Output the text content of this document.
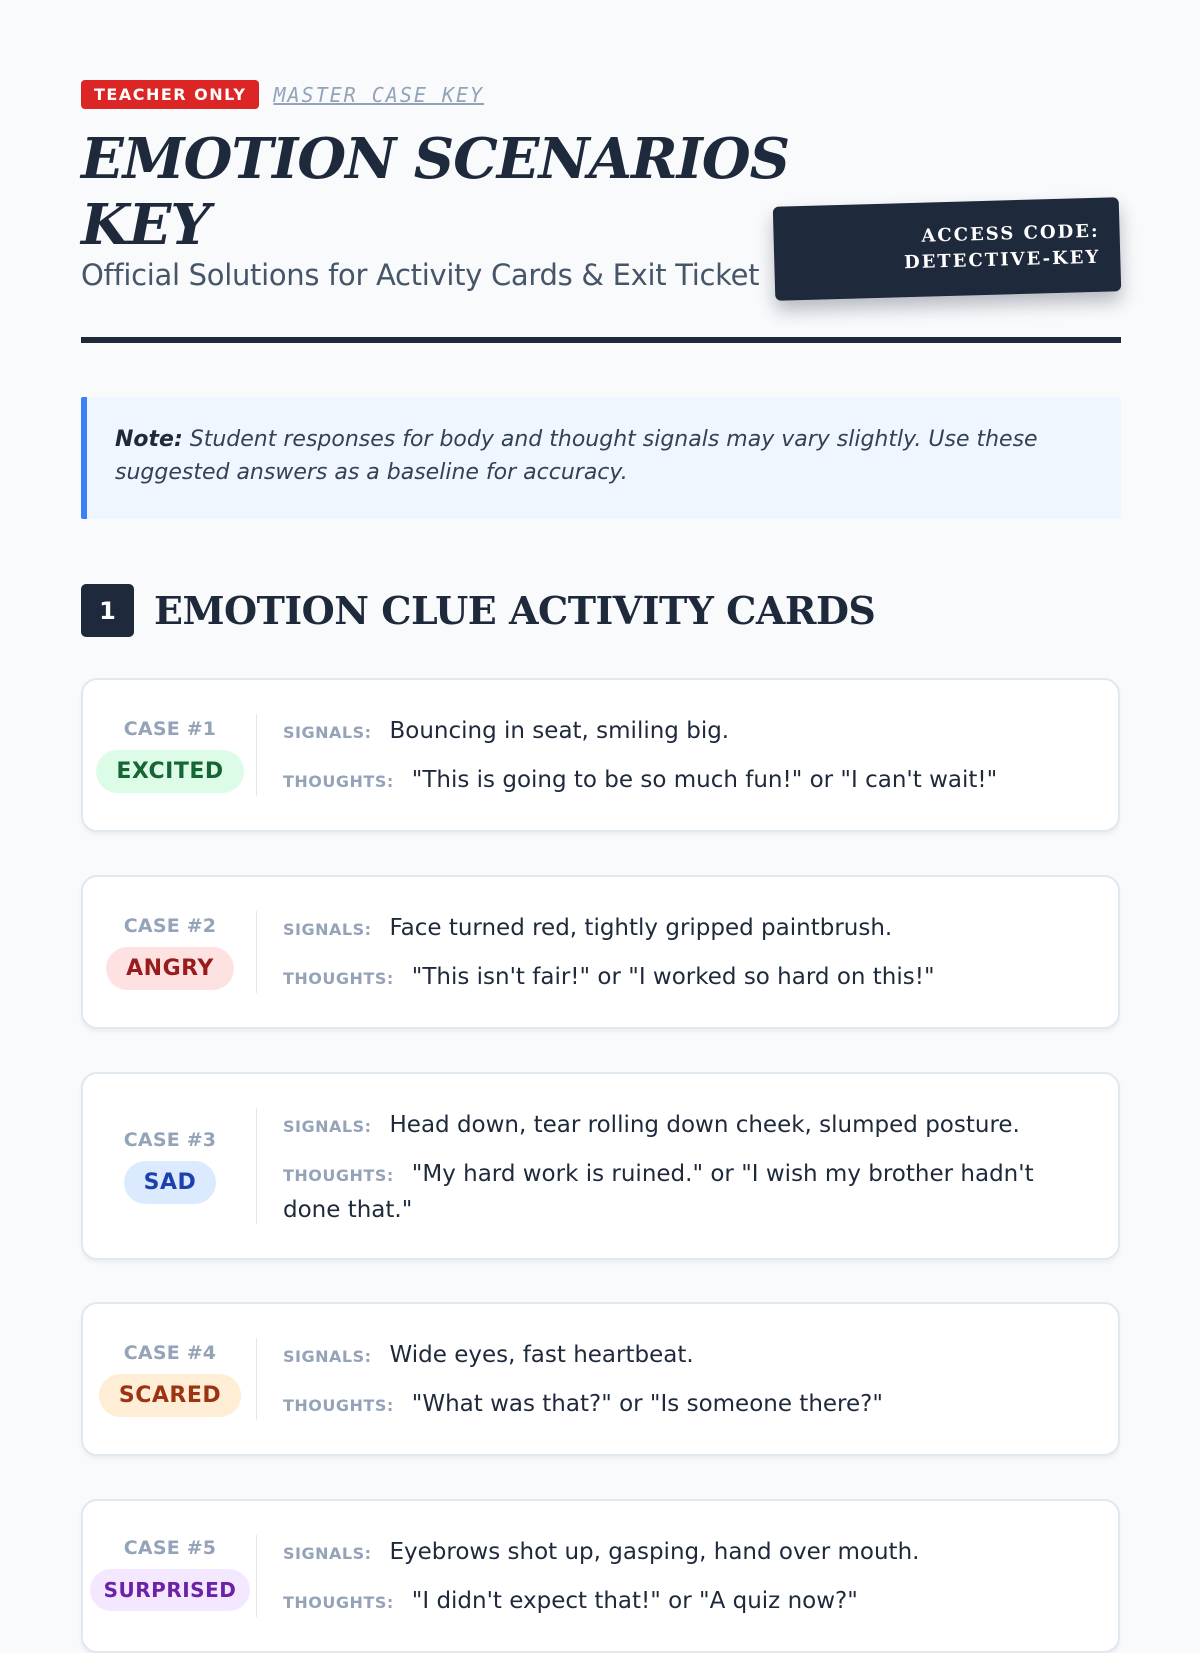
TEACHER ONLY	MASTER CASE KEY
EMOTION SCENARIOS
KEY
Official Solutions for Activity Cards & Exit Ticket
ACCESS CODE:
DETECTIVE-KEY
Note: Student responses for body and thought signals may vary slightly. Use these suggested answers as a baseline for accuracy.
1	EMOTION CLUE ACTIVITY CARDS
CASE #1
EXCITED
SIGNALS: Bouncing in seat, smiling big.
THOUGHTS: "This is going to be so much fun!" or "I can't wait!"
CASE #2
ANGRY
SIGNALS: Face turned red, tightly gripped paintbrush.
THOUGHTS: "This isn't fair!" or "I worked so hard on this!"
CASE #3
SAD
SIGNALS: Head down, tear rolling down cheek, slumped posture.
THOUGHTS: "My hard work is ruined." or "I wish my brother hadn't done that."
CASE #4
SCARED
SIGNALS: Wide eyes, fast heartbeat.
THOUGHTS: "What was that?" or "Is someone there?"
CASE #5
SURPRISED
SIGNALS: Eyebrows shot up, gasping, hand over mouth.
THOUGHTS: "I didn't expect that!" or "A quiz now?"
